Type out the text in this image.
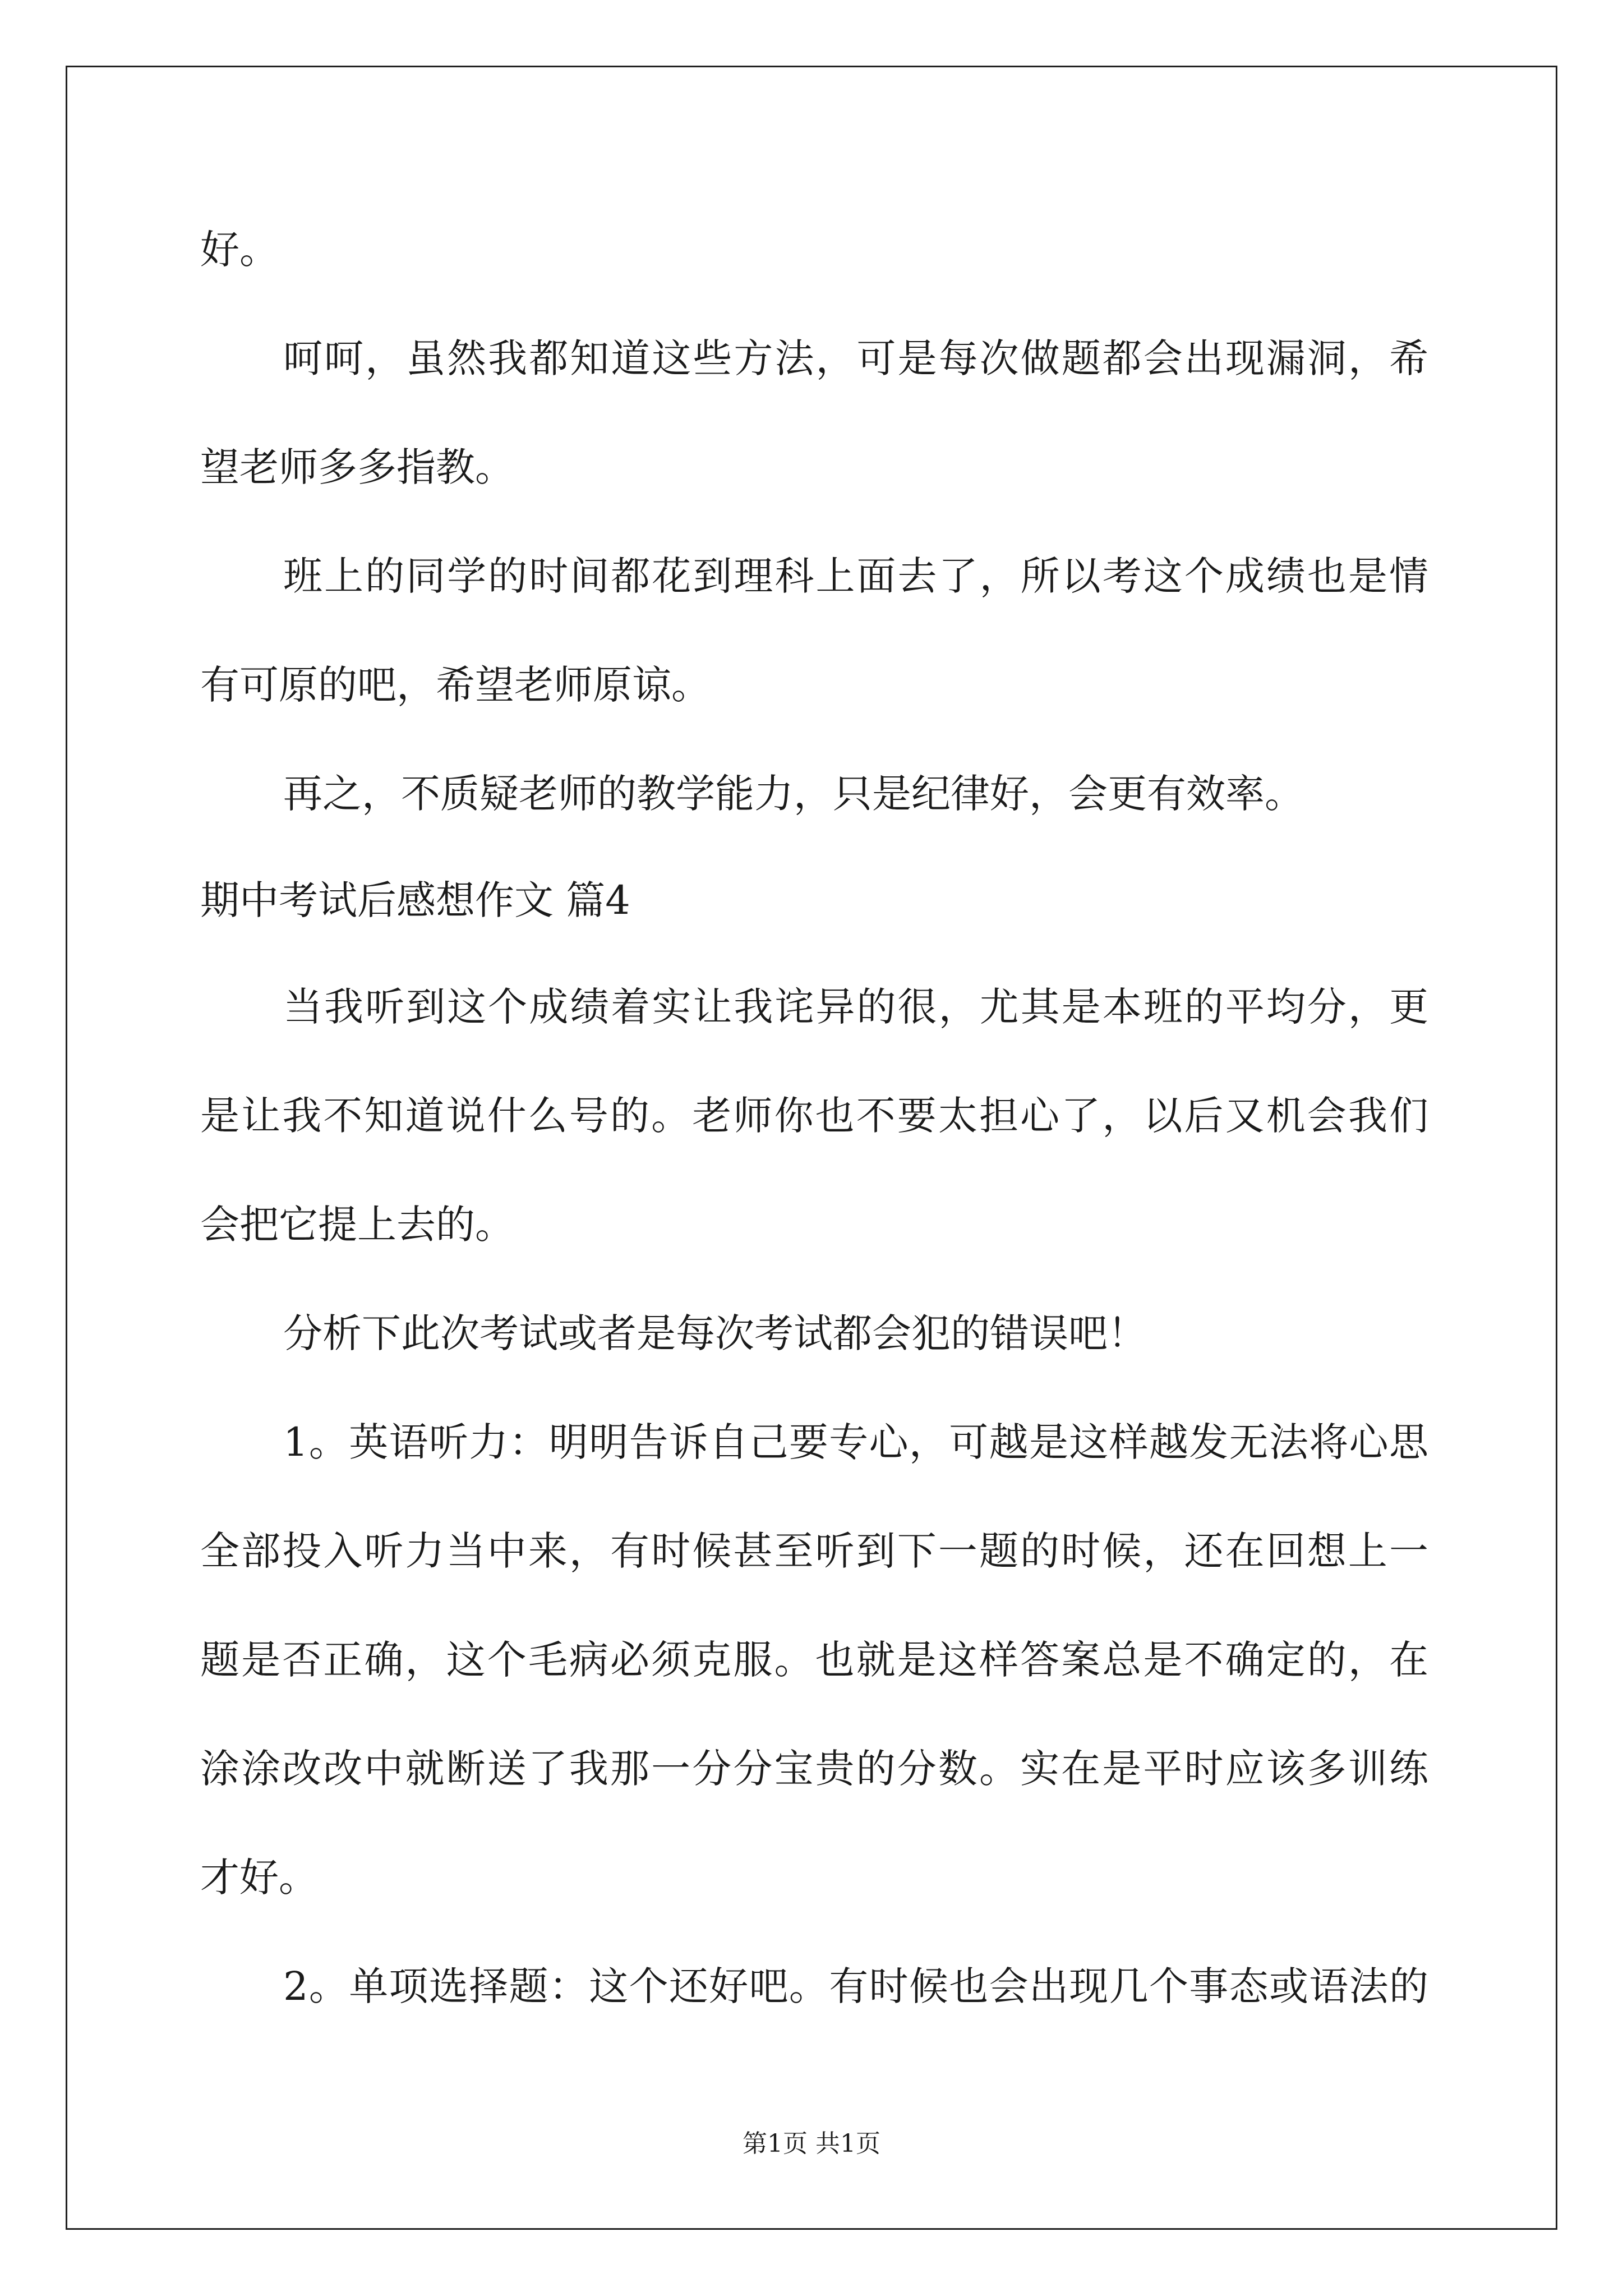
好。
呵呵，虽然我都知道这些方法，可是每次做题都会出现漏洞，希
望老师多多指教。
班上的同学的时间都花到理科上面去了，所以考这个成绩也是情
有可原的吧，希望老师原谅。
再之，不质疑老师的教学能力，只是纪律好，会更有效率。
期中考试后感想作文 篇4
当我听到这个成绩着实让我诧异的很，尤其是本班的平均分，更
是让我不知道说什么号的。老师你也不要太担心了，以后又机会我们
会把它提上去的。
分析下此次考试或者是每次考试都会犯的错误吧！
1。英语听力：明明告诉自己要专心，可越是这样越发无法将心思
全部投入听力当中来，有时候甚至听到下一题的时候，还在回想上一
题是否正确，这个毛病必须克服。也就是这样答案总是不确定的，在
涂涂改改中就断送了我那一分分宝贵的分数。实在是平时应该多训练
才好。
2。单项选择题：这个还好吧。有时候也会出现几个事态或语法的
第1页 共1页
